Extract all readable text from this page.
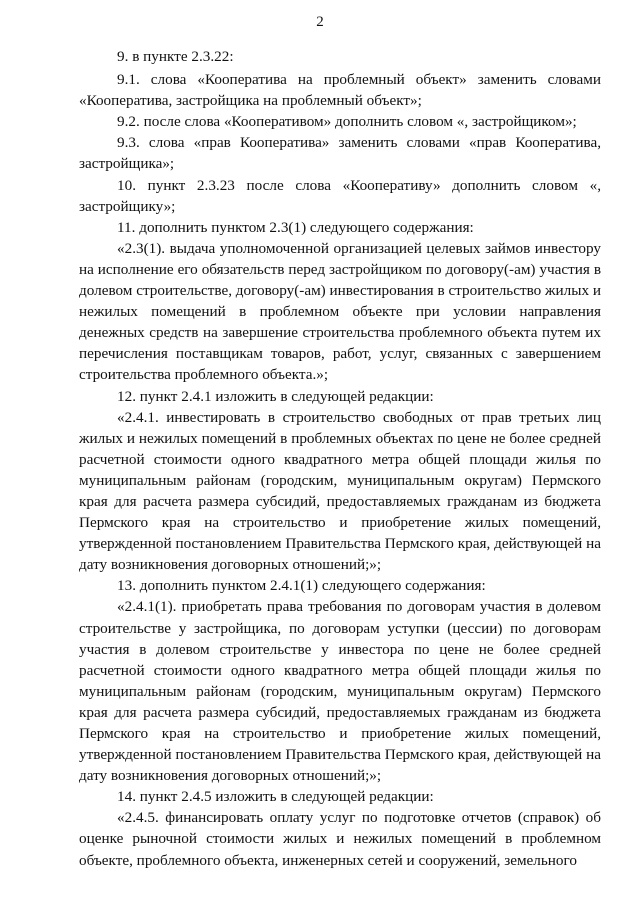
2

9. в пункте 2.3.22:

9.1. слова «Кооператива на проблемный объект» заменить словами «Кооператива, застройщика на проблемный объект»;

9.2. после слова «Кооперативом» дополнить словом «, застройщиком»;

9.3. слова «прав Кооператива» заменить словами «прав Кооператива, застройщика»;

10. пункт 2.3.23 после слова «Кооперативу» дополнить словом «, застройщику»;

11. дополнить пунктом 2.3(1) следующего содержания:

«2.3(1). выдача уполномоченной организацией целевых займов инвестору на исполнение его обязательств перед застройщиком по договору(-ам) участия в долевом строительстве, договору(-ам) инвестирования в строительство жилых и нежилых помещений в проблемном объекте при условии направления денежных средств на завершение строительства проблемного объекта путем их перечисления поставщикам товаров, работ, услуг, связанных с завершением строительства проблемного объекта.»;

12. пункт 2.4.1 изложить в следующей редакции:

«2.4.1. инвестировать в строительство свободных от прав третьих лиц жилых и нежилых помещений в проблемных объектах по цене не более средней расчетной стоимости одного квадратного метра общей площади жилья по муниципальным районам (городским, муниципальным округам) Пермского края для расчета размера субсидий, предоставляемых гражданам из бюджета Пермского края на строительство и приобретение жилых помещений, утвержденной постановлением Правительства Пермского края, действующей на дату возникновения договорных отношений;»;

13. дополнить пунктом 2.4.1(1) следующего содержания:

«2.4.1(1). приобретать права требования по договорам участия в долевом строительстве у застройщика, по договорам уступки (цессии) по договорам участия в долевом строительстве у инвестора по цене не более средней расчетной стоимости одного квадратного метра общей площади жилья по муниципальным районам (городским, муниципальным округам) Пермского края для расчета размера субсидий, предоставляемых гражданам из бюджета Пермского края на строительство и приобретение жилых помещений, утвержденной постановлением Правительства Пермского края, действующей на дату возникновения договорных отношений;»;

14. пункт 2.4.5 изложить в следующей редакции:

«2.4.5. финансировать оплату услуг по подготовке отчетов (справок) об оценке рыночной стоимости жилых и нежилых помещений в проблемном объекте, проблемного объекта, инженерных сетей и сооружений, земельного
